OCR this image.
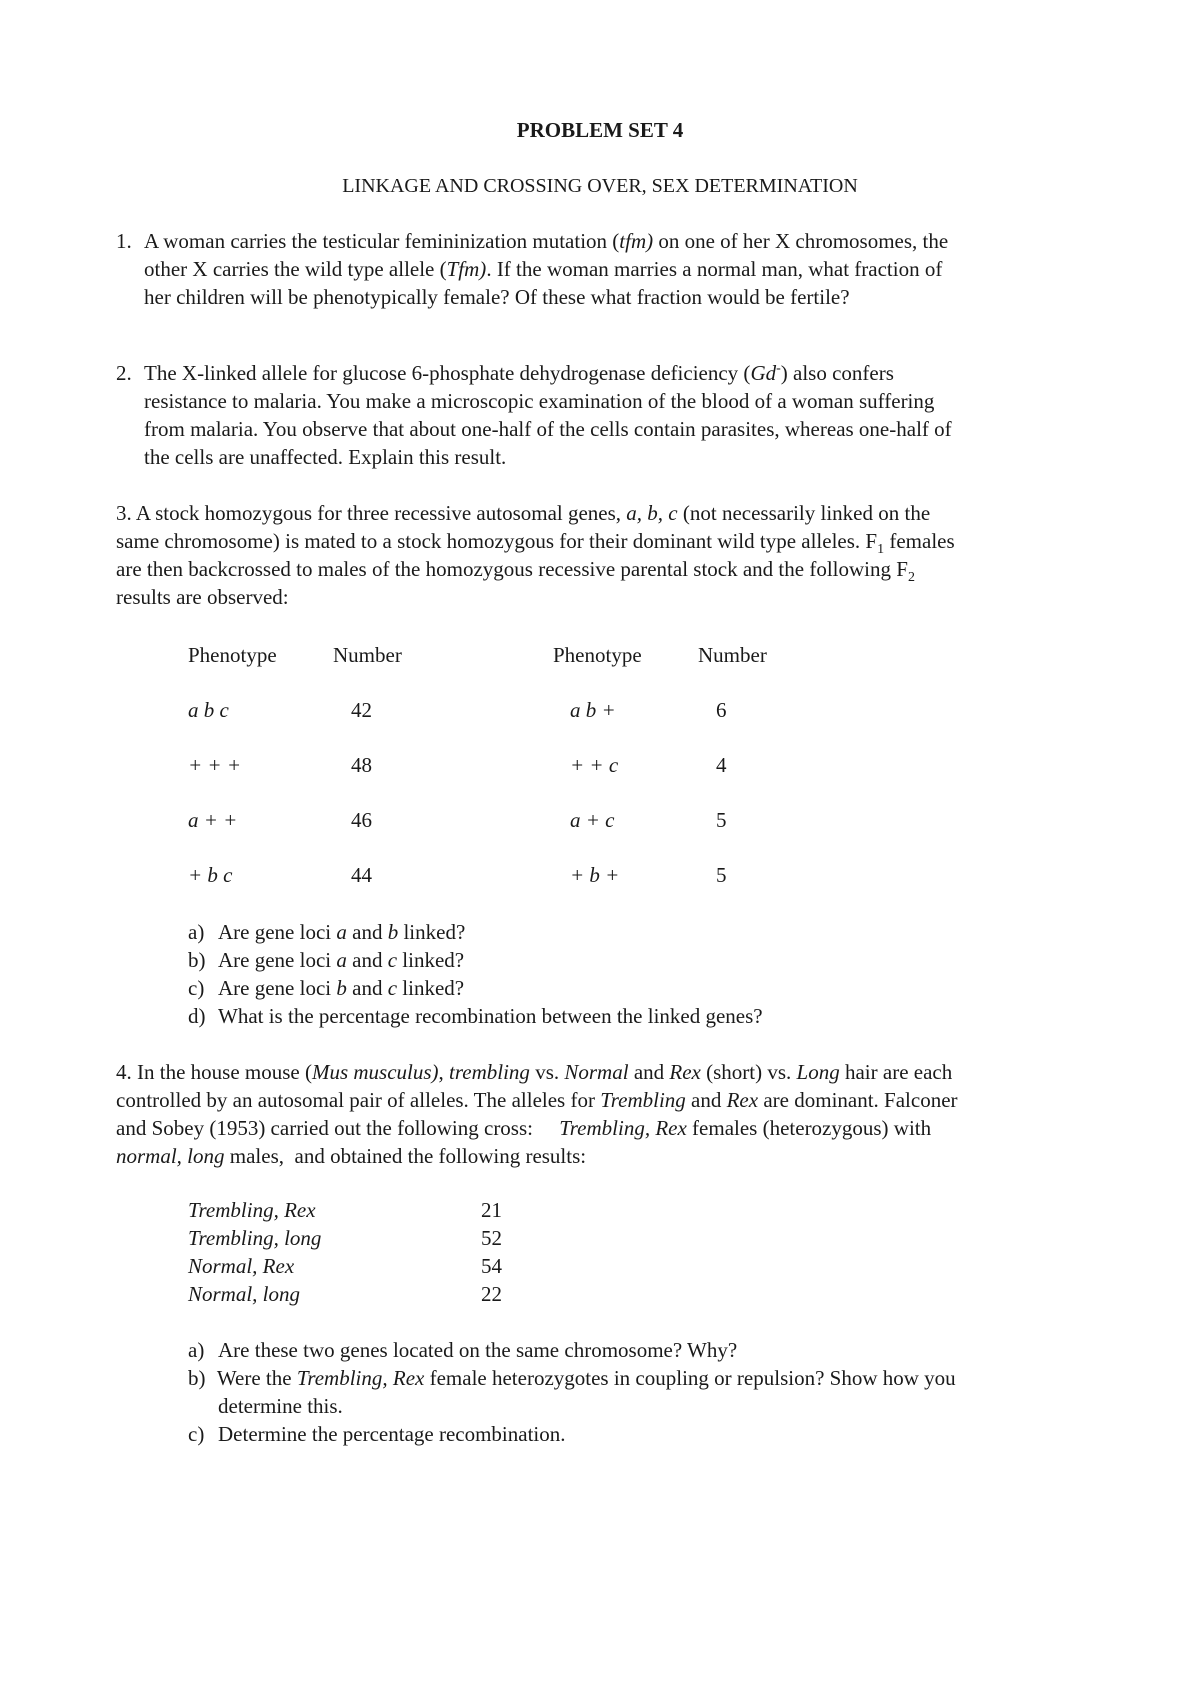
PROBLEM SET 4
LINKAGE AND CROSSING OVER, SEX DETERMINATION
1. A woman carries the testicular femininization mutation (tfm) on one of her X chromosomes, the
other X carries the wild type allele (Tfm). If the woman marries a normal man, what fraction of
her children will be phenotypically female? Of these what fraction would be fertile?
2. The X-linked allele for glucose 6-phosphate dehydrogenase deficiency (Gd-) also confers
resistance to malaria. You make a microscopic examination of the blood of a woman suffering
from malaria. You observe that about one-half of the cells contain parasites, whereas one-half of
the cells are unaffected. Explain this result.
3. A stock homozygous for three recessive autosomal genes, a, b, c (not necessarily linked on the
same chromosome) is mated to a stock homozygous for their dominant wild type alleles. $F_1$ females
are then backcrossed to males of the homozygous recessive parental stock and the following $F_2$
results are observed:
Phenotype	Number	Phenotype	Number
a b c	42	a b +	6
+ + +	48	+ + c	4
a + +	46	a + c	5
+ b c	44	+ b +	5
a) Are gene loci a and b linked?
b) Are gene loci a and c linked?
c) Are gene loci b and c linked?
d) What is the percentage recombination between the linked genes?
4. In the house mouse (Mus musculus), trembling vs. Normal and Rex (short) vs. Long hair are each
controlled by an autosomal pair of alleles. The alleles for Trembling and Rex are dominant. Falconer
and Sobey (1953) carried out the following cross:     Trembling, Rex females (heterozygous) with
normal, long males,  and obtained the following results:
Trembling, Rex	21
Trembling, long	52
Normal, Rex	54
Normal, long	22
a) Are these two genes located on the same chromosome? Why?
b) Were the Trembling, Rex female heterozygotes in coupling or repulsion? Show how you
determine this.
c) Determine the percentage recombination.
